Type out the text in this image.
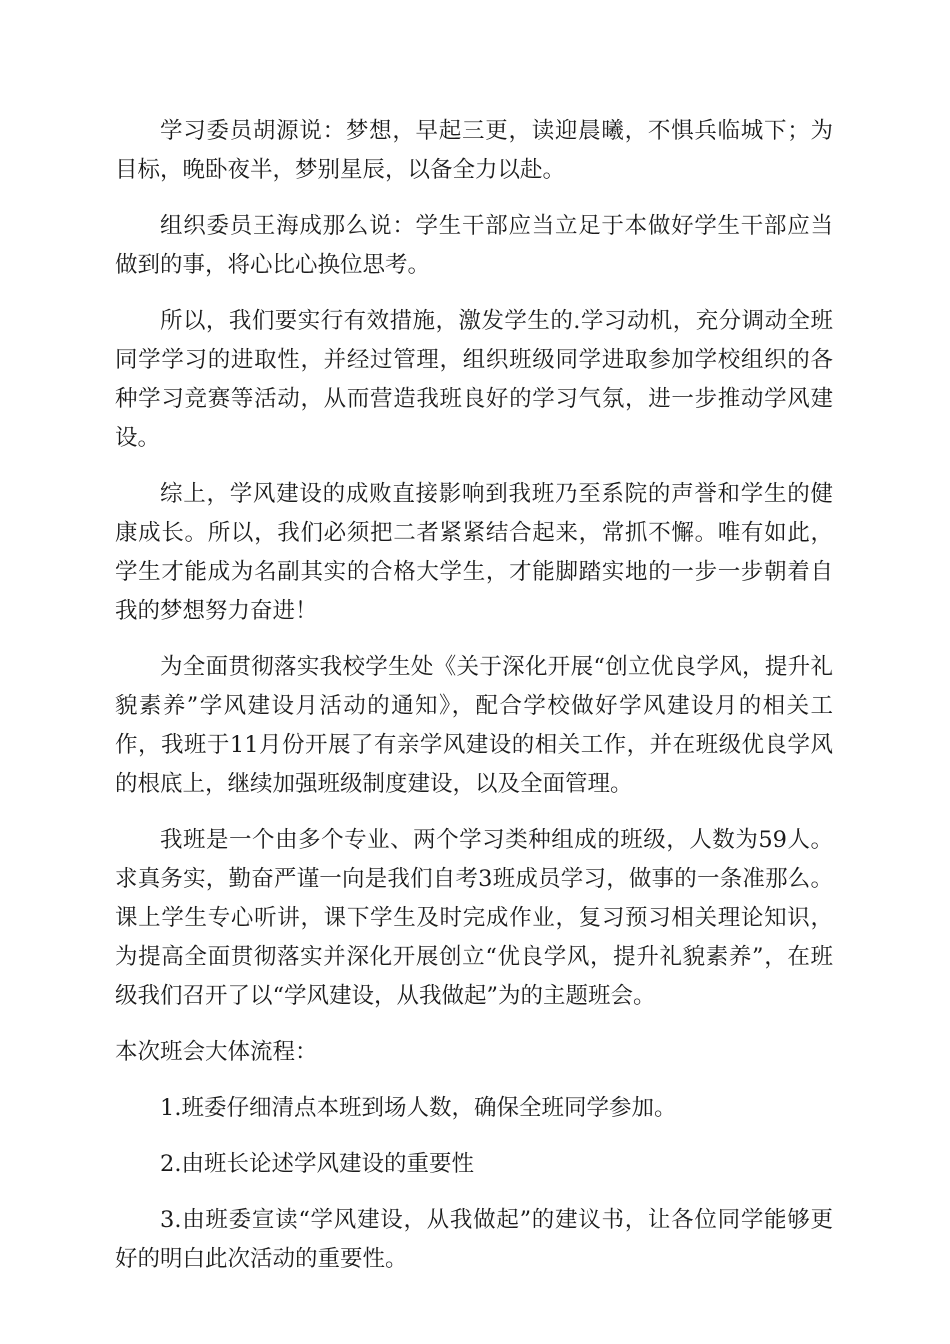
学习委员胡源说：梦想，早起三更，读迎晨曦，不惧兵临城下；为目标，晚卧夜半，梦别星辰，以备全力以赴。

组织委员王海成那么说：学生干部应当立足于本做好学生干部应当做到的事，将心比心换位思考。

所以，我们要实行有效措施，激发学生的.学习动机，充分调动全班同学学习的进取性，并经过管理，组织班级同学进取参加学校组织的各种学习竞赛等活动，从而营造我班良好的学习气氛，进一步推动学风建设。

综上，学风建设的成败直接影响到我班乃至系院的声誉和学生的健康成长。所以，我们必须把二者紧紧结合起来，常抓不懈。唯有如此，学生才能成为名副其实的合格大学生，才能脚踏实地的一步一步朝着自我的梦想努力奋进！

为全面贯彻落实我校学生处《关于深化开展“创立优良学风，提升礼貌素养”学风建设月活动的通知》，配合学校做好学风建设月的相关工作，我班于11月份开展了有亲学风建设的相关工作，并在班级优良学风的根底上，继续加强班级制度建设，以及全面管理。

我班是一个由多个专业、两个学习类种组成的班级，人数为59人。求真务实，勤奋严谨一向是我们自考3班成员学习，做事的一条准那么。课上学生专心听讲，课下学生及时完成作业，复习预习相关理论知识，为提高全面贯彻落实并深化开展创立“优良学风，提升礼貌素养”，在班级我们召开了以“学风建设，从我做起”为的主题班会。

本次班会大体流程：

1.班委仔细清点本班到场人数，确保全班同学参加。

2.由班长论述学风建设的重要性

3.由班委宣读“学风建设，从我做起”的建议书，让各位同学能够更好的明白此次活动的重要性。
